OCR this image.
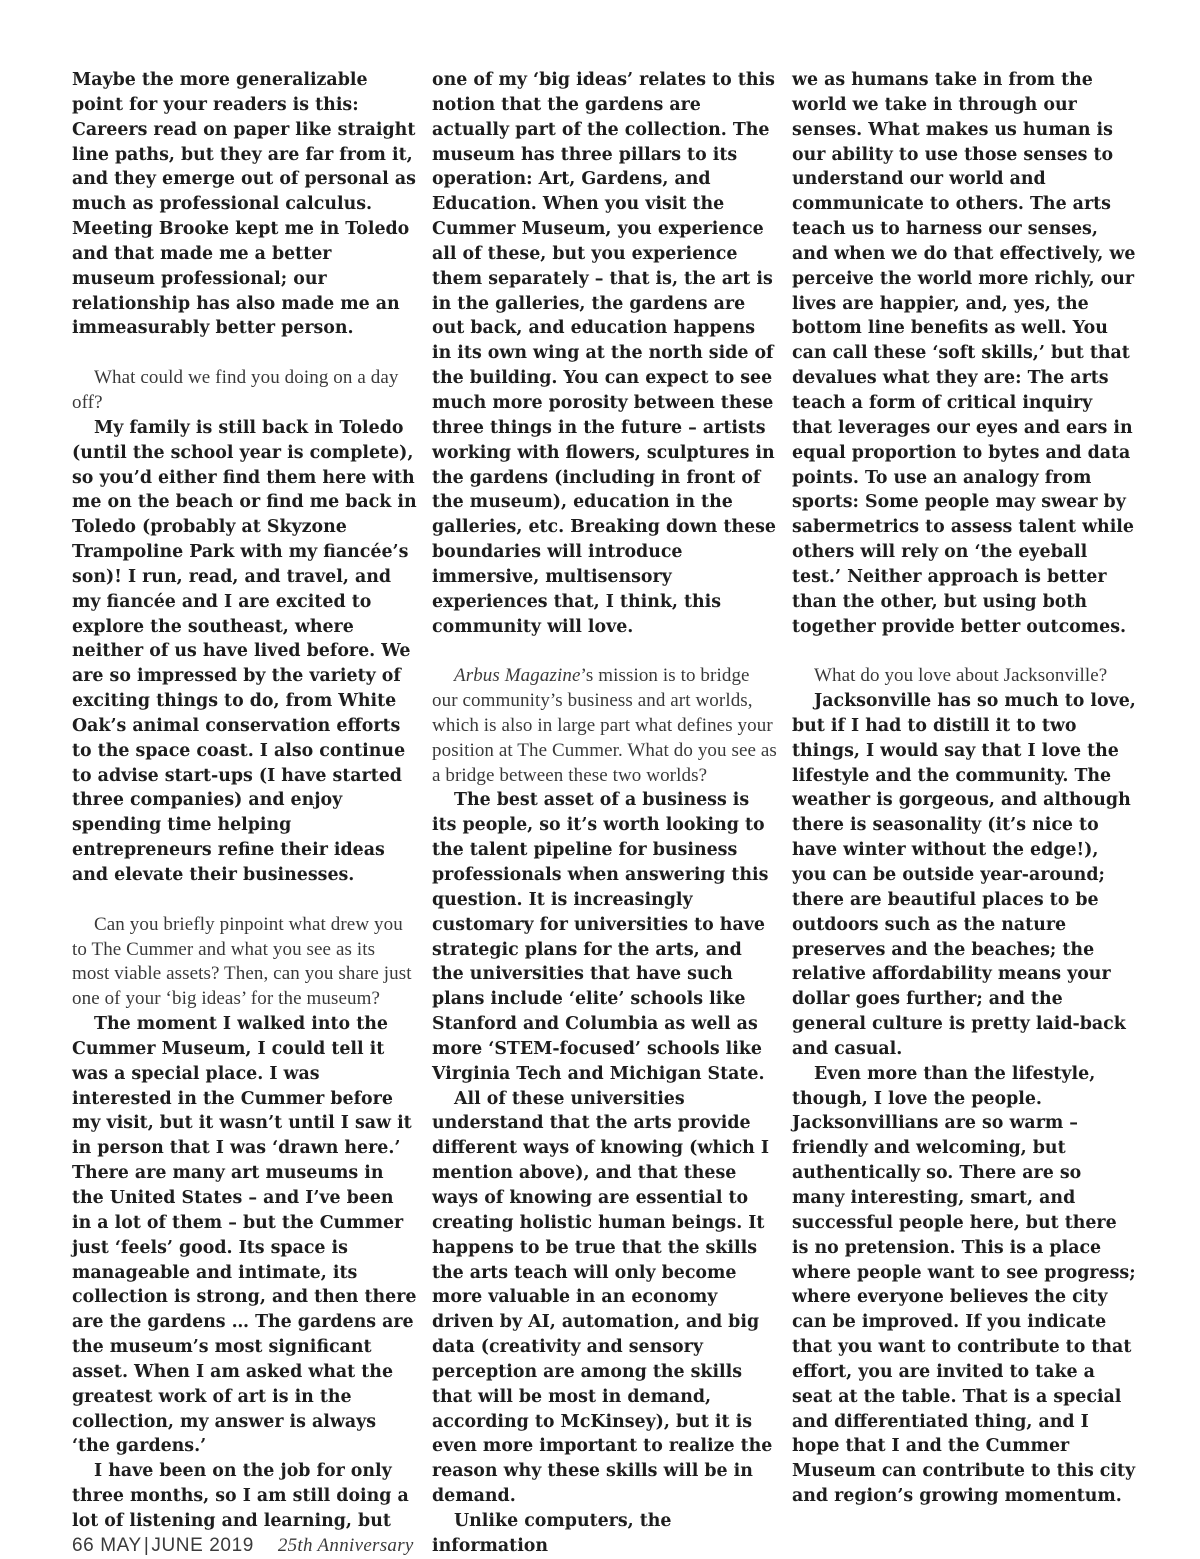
Maybe the more generalizable point for your readers is this: Careers read on paper like straight line paths, but they are far from it, and they emerge out of personal as much as professional calculus. Meeting Brooke kept me in Toledo and that made me a better museum professional; our relationship has also made me an immeasurably better person.

What could we find you doing on a day off?

My family is still back in Toledo (until the school year is complete), so you’d either find them here with me on the beach or find me back in Toledo (probably at Skyzone Trampoline Park with my fiancée’s son)! I run, read, and travel, and my fiancée and I are excited to explore the southeast, where neither of us have lived before. We are so impressed by the variety of exciting things to do, from White Oak’s animal conservation efforts to the space coast. I also continue to advise start-ups (I have started three companies) and enjoy spending time helping entrepreneurs refine their ideas and elevate their businesses.

Can you briefly pinpoint what drew you to The Cummer and what you see as its most viable assets? Then, can you share just one of your ‘big ideas’ for the museum?

The moment I walked into the Cummer Museum, I could tell it was a special place. I was interested in the Cummer before my visit, but it wasn’t until I saw it in person that I was ‘drawn here.’ There are many art museums in the United States – and I’ve been in a lot of them – but the Cummer just ‘feels’ good. Its space is manageable and intimate, its collection is strong, and then there are the gardens … The gardens are the museum’s most significant asset. When I am asked what the greatest work of art is in the collection, my answer is always ‘the gardens.’

I have been on the job for only three months, so I am still doing a lot of listening and learning, but

one of my ‘big ideas’ relates to this notion that the gardens are actually part of the collection. The museum has three pillars to its operation: Art, Gardens, and Education. When you visit the Cummer Museum, you experience all of these, but you experience them separately – that is, the art is in the galleries, the gardens are out back, and education happens in its own wing at the north side of the building. You can expect to see much more porosity between these three things in the future – artists working with flowers, sculptures in the gardens (including in front of the museum), education in the galleries, etc. Breaking down these boundaries will introduce immersive, multisensory experiences that, I think, this community will love.

Arbus Magazine’s mission is to bridge our community’s business and art worlds, which is also in large part what defines your position at The Cummer. What do you see as a bridge between these two worlds?

The best asset of a business is its people, so it’s worth looking to the talent pipeline for business professionals when answering this question. It is increasingly customary for universities to have strategic plans for the arts, and the universities that have such plans include ‘elite’ schools like Stanford and Columbia as well as more ‘STEM-focused’ schools like Virginia Tech and Michigan State.

All of these universities understand that the arts provide different ways of knowing (which I mention above), and that these ways of knowing are essential to creating holistic human beings. It happens to be true that the skills the arts teach will only become more valuable in an economy driven by AI, automation, and big data (creativity and sensory perception are among the skills that will be most in demand, according to McKinsey), but it is even more important to realize the reason why these skills will be in demand.

Unlike computers, the information

we as humans take in from the world we take in through our senses. What makes us human is our ability to use those senses to understand our world and communicate to others. The arts teach us to harness our senses, and when we do that effectively, we perceive the world more richly, our lives are happier, and, yes, the bottom line benefits as well. You can call these ‘soft skills,’ but that devalues what they are: The arts teach a form of critical inquiry that leverages our eyes and ears in equal proportion to bytes and data points. To use an analogy from sports: Some people may swear by sabermetrics to assess talent while others will rely on ‘the eyeball test.’ Neither approach is better than the other, but using both together provide better outcomes.

What do you love about Jacksonville?

Jacksonville has so much to love, but if I had to distill it to two things, I would say that I love the lifestyle and the community. The weather is gorgeous, and although there is seasonality (it’s nice to have winter without the edge!), you can be outside year-around; there are beautiful places to be outdoors such as the nature preserves and the beaches; the relative affordability means your dollar goes further; and the general culture is pretty laid-back and casual.

Even more than the lifestyle, though, I love the people. Jacksonvillians are so warm – friendly and welcoming, but authentically so. There are so many interesting, smart, and successful people here, but there is no pretension. This is a place where people want to see progress; where everyone believes the city can be improved. If you indicate that you want to contribute to that effort, you are invited to take a seat at the table. That is a special and differentiated thing, and I hope that I and the Cummer Museum can contribute to this city and region’s growing momentum.

66 MAY | JUNE 2019 25th Anniversary
